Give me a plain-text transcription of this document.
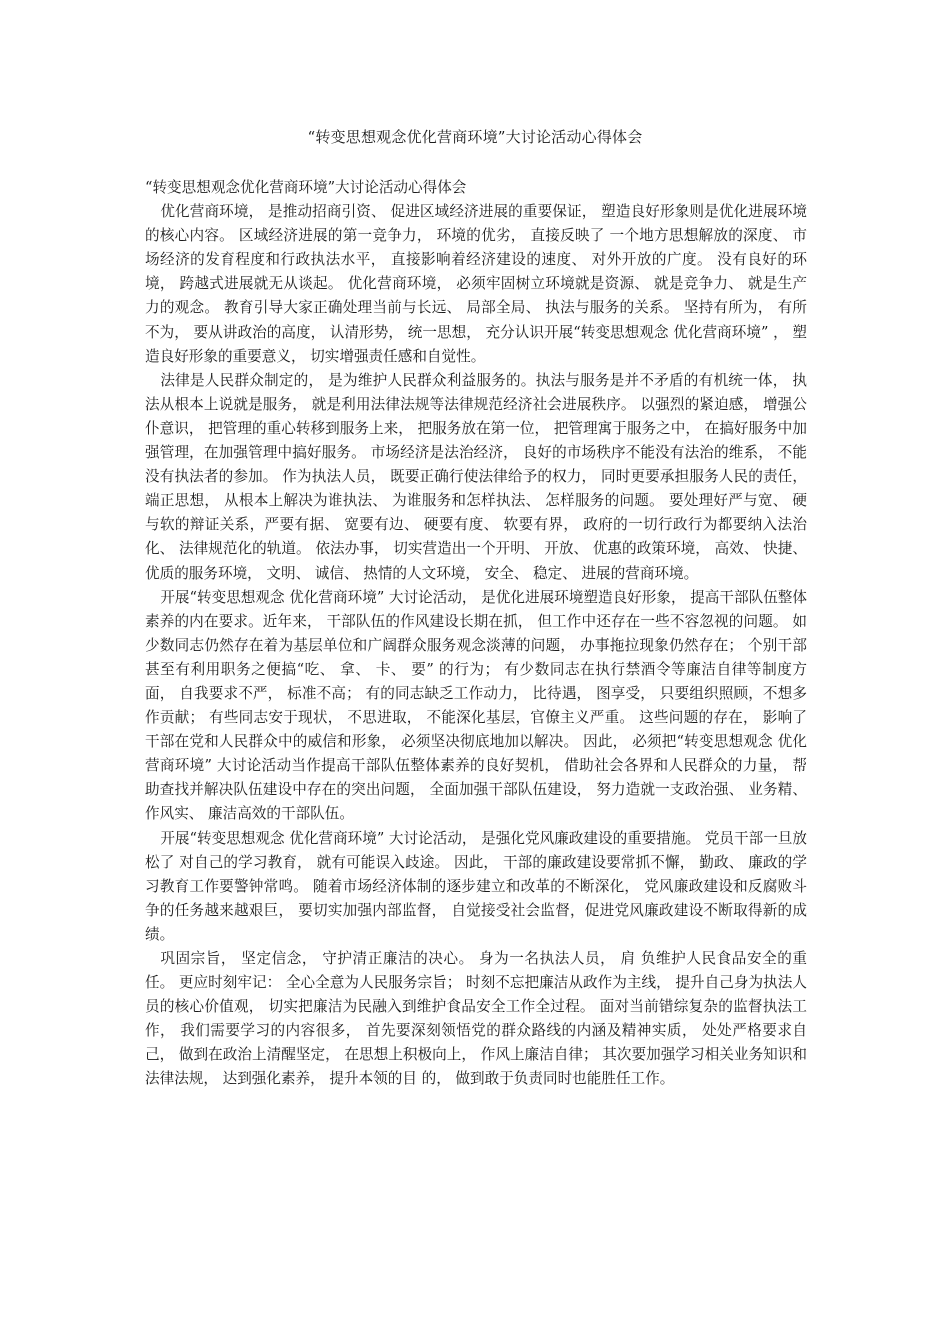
“转变思想观念优化营商环境”大讨论活动心得体会

“转变思想观念优化营商环境”大讨论活动心得体会

优化营商环境， 是推动招商引资、 促进区域经济进展的重要保证， 塑造良好形象则是优化进展环境的核心内容。 区域经济进展的第一竞争力， 环境的优劣， 直接反映了 一个地方思想解放的深度、 市场经济的发育程度和行政执法水平， 直接影响着经济建设的速度、 对外开放的广度。 没有良好的环境， 跨越式进展就无从谈起。 优化营商环境， 必须牢固树立环境就是资源、 就是竞争力、 就是生产力的观念。 教育引导大家正确处理当前与长远、 局部全局、 执法与服务的关系。 坚持有所为， 有所不为， 要从讲政治的高度， 认清形势， 统一思想， 充分认识开展“转变思想观念 优化营商环境” ， 塑造良好形象的重要意义， 切实增强责任感和自觉性。

法律是人民群众制定的， 是为维护人民群众利益服务的。执法与服务是并不矛盾的有机统一体， 执法从根本上说就是服务， 就是利用法律法规等法律规范经济社会进展秩序。 以强烈的紧迫感， 增强公仆意识， 把管理的重心转移到服务上来， 把服务放在第一位， 把管理寓于服务之中， 在搞好服务中加强管理，在加强管理中搞好服务。 市场经济是法治经济， 良好的市场秩序不能没有法治的维系， 不能没有执法者的参加。 作为执法人员， 既要正确行使法律给予的权力， 同时更要承担服务人民的责任， 端正思想， 从根本上解决为谁执法、 为谁服务和怎样执法、 怎样服务的问题。 要处理好严与宽、 硬与软的辩证关系，严要有据、 宽要有边、 硬要有度、 软要有界， 政府的一切行政行为都要纳入法治化、 法律规范化的轨道。 依法办事， 切实营造出一个开明、 开放、 优惠的政策环境， 高效、 快捷、 优质的服务环境， 文明、 诚信、 热情的人文环境， 安全、 稳定、 进展的营商环境。

开展“转变思想观念 优化营商环境” 大讨论活动， 是优化进展环境塑造良好形象， 提高干部队伍整体素养的内在要求。近年来， 干部队伍的作风建设长期在抓， 但工作中还存在一些不容忽视的问题。 如少数同志仍然存在着为基层单位和广阔群众服务观念淡薄的问题， 办事拖拉现象仍然存在； 个别干部甚至有利用职务之便搞“吃、 拿、 卡、 要” 的行为； 有少数同志在执行禁酒令等廉洁自律等制度方面， 自我要求不严， 标准不高； 有的同志缺乏工作动力， 比待遇， 图享受， 只要组织照顾，不想多作贡献； 有些同志安于现状， 不思进取， 不能深化基层，官僚主义严重。 这些问题的存在， 影响了 干部在党和人民群众中的威信和形象， 必须坚决彻底地加以解决。 因此， 必须把“转变思想观念 优化营商环境” 大讨论活动当作提高干部队伍整体素养的良好契机， 借助社会各界和人民群众的力量， 帮助查找并解决队伍建设中存在的突出问题， 全面加强干部队伍建设， 努力造就一支政治强、 业务精、 作风实、 廉洁高效的干部队伍。

开展“转变思想观念 优化营商环境” 大讨论活动， 是强化党风廉政建设的重要措施。 党员干部一旦放松了 对自己的学习教育， 就有可能误入歧途。 因此， 干部的廉政建设要常抓不懈， 勤政、 廉政的学习教育工作要警钟常鸣。 随着市场经济体制的逐步建立和改革的不断深化， 党风廉政建设和反腐败斗争的任务越来越艰巨， 要切实加强内部监督， 自觉接受社会监督，促进党风廉政建设不断取得新的成绩。

巩固宗旨， 坚定信念， 守护清正廉洁的决心。 身为一名执法人员， 肩 负维护人民食品安全的重任。 更应时刻牢记： 全心全意为人民服务宗旨； 时刻不忘把廉洁从政作为主线， 提升自己身为执法人员的核心价值观， 切实把廉洁为民融入到维护食品安全工作全过程。 面对当前错综复杂的监督执法工作， 我们需要学习的内容很多， 首先要深刻领悟党的群众路线的内涵及精神实质， 处处严格要求自己， 做到在政治上清醒坚定， 在思想上积极向上， 作风上廉洁自律； 其次要加强学习相关业务知识和法律法规， 达到强化素养， 提升本领的目 的， 做到敢于负责同时也能胜任工作。
